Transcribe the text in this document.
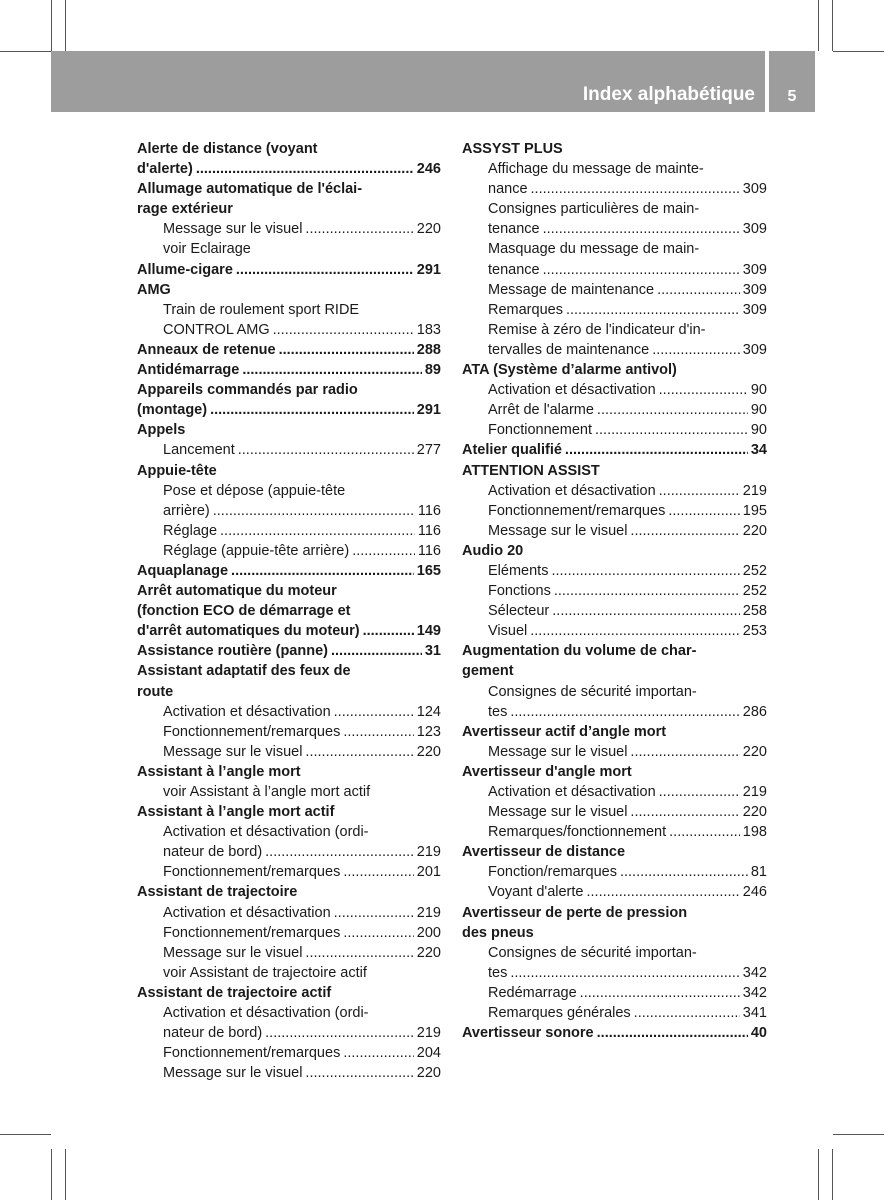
Index alphabétique	5
Alerte de distance (voyant
d'alerte) .....	246
Allumage automatique de l'éclai-
rage extérieur
Message sur le visuel .....	220
voir Eclairage
Allume-cigare .....	291
AMG
Train de roulement sport RIDE
CONTROL AMG .....	183
Anneaux de retenue .....	288
Antidémarrage .....	89
Appareils commandés par radio
(montage) .....	291
Appels
Lancement .....	277
Appuie-tête
Pose et dépose (appuie-tête
arrière) .....	116
Réglage .....	116
Réglage (appuie-tête arrière) .....	116
Aquaplanage .....	165
Arrêt automatique du moteur
(fonction ECO de démarrage et
d'arrêt automatiques du moteur) .....	149
Assistance routière (panne) .....	31
Assistant adaptatif des feux de
route
Activation et désactivation .....	124
Fonctionnement/remarques .....	123
Message sur le visuel .....	220
Assistant à l’angle mort
voir Assistant à l’angle mort actif
Assistant à l’angle mort actif
Activation et désactivation (ordi-
nateur de bord) .....	219
Fonctionnement/remarques .....	201
Assistant de trajectoire
Activation et désactivation .....	219
Fonctionnement/remarques .....	200
Message sur le visuel .....	220
voir Assistant de trajectoire actif
Assistant de trajectoire actif
Activation et désactivation (ordi-
nateur de bord) .....	219
Fonctionnement/remarques .....	204
Message sur le visuel .....	220
ASSYST PLUS
Affichage du message de mainte-
nance .....	309
Consignes particulières de main-
tenance .....	309
Masquage du message de main-
tenance .....	309
Message de maintenance .....	309
Remarques .....	309
Remise à zéro de l'indicateur d'in-
tervalles de maintenance .....	309
ATA (Système d’alarme antivol)
Activation et désactivation .....	90
Arrêt de l'alarme .....	90
Fonctionnement .....	90
Atelier qualifié .....	34
ATTENTION ASSIST
Activation et désactivation .....	219
Fonctionnement/remarques .....	195
Message sur le visuel .....	220
Audio 20
Eléments .....	252
Fonctions .....	252
Sélecteur .....	258
Visuel .....	253
Augmentation du volume de char-
gement
Consignes de sécurité importan-
tes .....	286
Avertisseur actif d’angle mort
Message sur le visuel .....	220
Avertisseur d'angle mort
Activation et désactivation .....	219
Message sur le visuel .....	220
Remarques/fonctionnement .....	198
Avertisseur de distance
Fonction/remarques .....	81
Voyant d'alerte .....	246
Avertisseur de perte de pression
des pneus
Consignes de sécurité importan-
tes .....	342
Redémarrage .....	342
Remarques générales .....	341
Avertisseur sonore .....	40
